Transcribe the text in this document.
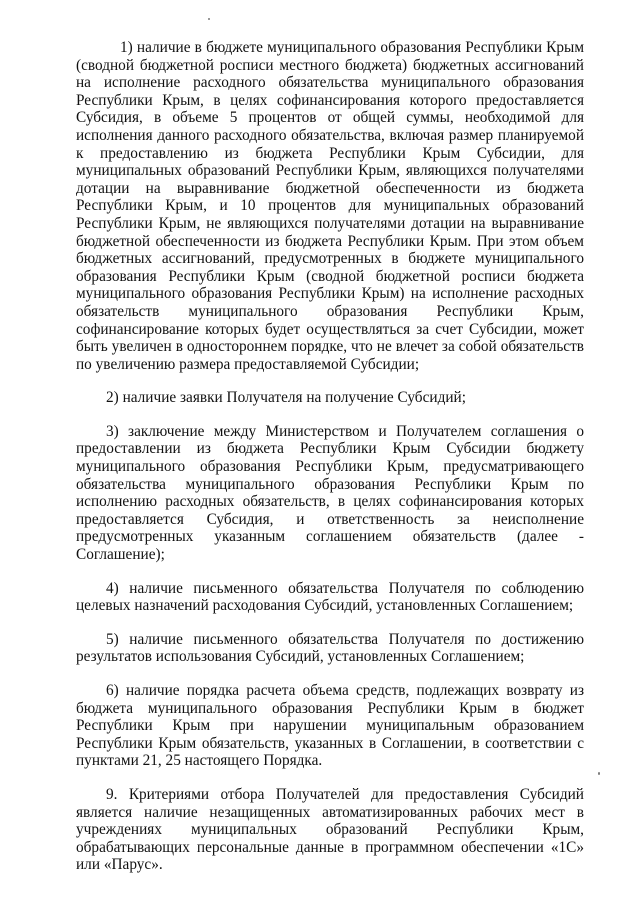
1) наличие в бюджете муниципального образования Республики Крым (сводной бюджетной росписи местного бюджета) бюджетных ассигнований на исполнение расходного обязательства муниципального образования Республики Крым, в целях софинансирования которого предоставляется Субсидия, в объеме 5 процентов от общей суммы, необходимой для исполнения данного расходного обязательства, включая размер планируемой к предоставлению из бюджета Республики Крым Субсидии, для муниципальных образований Республики Крым, являющихся получателями дотации на выравнивание бюджетной обеспеченности из бюджета Республики Крым, и 10 процентов для муниципальных образований Республики Крым, не являющихся получателями дотации на выравнивание бюджетной обеспеченности из бюджета Республики Крым. При этом объем бюджетных ассигнований, предусмотренных в бюджете муниципального образования Республики Крым (сводной бюджетной росписи бюджета муниципального образования Республики Крым) на исполнение расходных обязательств муниципального образования Республики Крым, софинансирование которых будет осуществляться за счет Субсидии, может быть увеличен в одностороннем порядке, что не влечет за собой обязательств по увеличению размера предоставляемой Субсидии;

2) наличие заявки Получателя на получение Субсидий;

3) заключение между Министерством и Получателем соглашения о предоставлении из бюджета Республики Крым Субсидии бюджету муниципального образования Республики Крым, предусматривающего обязательства муниципального образования Республики Крым по исполнению расходных обязательств, в целях софинансирования которых предоставляется Субсидия, и ответственность за неисполнение предусмотренных указанным соглашением обязательств (далее - Соглашение);

4) наличие письменного обязательства Получателя по соблюдению целевых назначений расходования Субсидий, установленных Соглашением;

5) наличие письменного обязательства Получателя по достижению результатов использования Субсидий, установленных Соглашением;

6) наличие порядка расчета объема средств, подлежащих возврату из бюджета муниципального образования Республики Крым в бюджет Республики Крым при нарушении муниципальным образованием Республики Крым обязательств, указанных в Соглашении, в соответствии с пунктами 21, 25 настоящего Порядка.

9. Критериями отбора Получателей для предоставления Субсидий является наличие незащищенных автоматизированных рабочих мест в учреждениях муниципальных образований Республики Крым, обрабатывающих персональные данные в программном обеспечении «1С» или «Парус».
